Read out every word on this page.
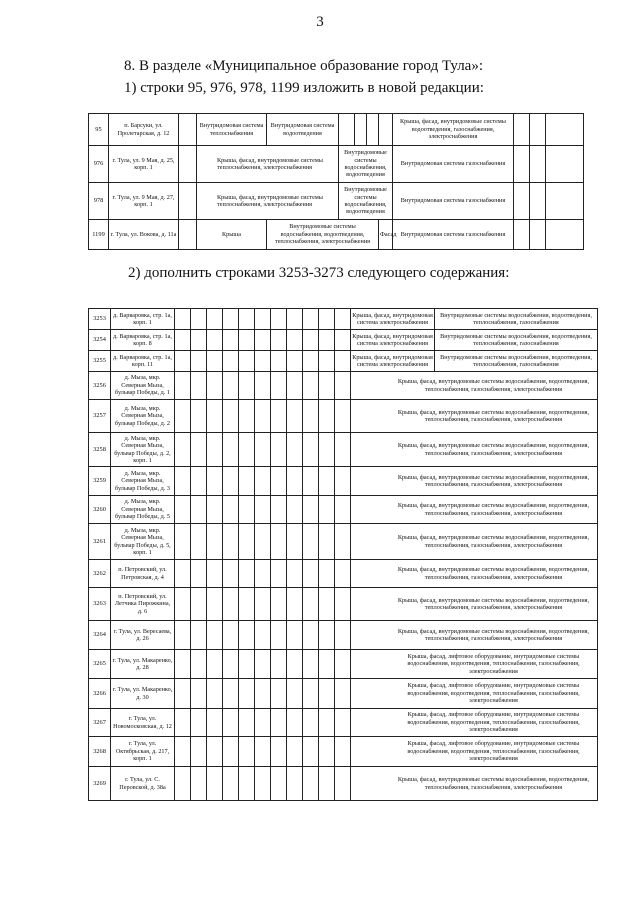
3
8. В разделе «Муниципальное образование город Тула»:
1) строки 95, 976, 978, 1199 изложить в новой редакции:
95	п. Барсуки, ул. Пролетарская, д. 12		Внутридомовая система теплоснабжения	Внутридомовая система водоотведения					Крыша, фасад, внутридомовые системы водоотведения, газоснабжения, электроснабжения			
976	г. Тула, ул. 9 Мая, д. 25, корп. 1		Крыша, фасад, внутридомовые системы теплоснабжения, электроснабжения		Внутридомовые системы водоснабжения, водоотведения				Внутридомовая система газоснабжения			
978	г. Тула, ул. 9 Мая, д. 27, корп. 1		Крыша, фасад, внутридомовые системы теплоснабжения, электроснабжения		Внутридомовые системы водоснабжения, водоотведения				Внутридомовая система газоснабжения			
1199	г. Тула, ул. Вокова, д. 11а		Крыша	Внутридомовые системы водоснабжения, водоотведения, теплоснабжения, электроснабжения				Фасад	Внутридомовая система газоснабжения			
2) дополнить строками 3253-3273 следующего содержания:
3253	д. Варваровка, стр. 1а, корп. 1												Крыша, фасад, внутридомовая система электроснабжения	Внутридомовые системы водоснабжения, водоотведения, теплоснабжения, газоснабжения
3254	д. Варваровка, стр. 1а, корп. 8												Крыша, фасад, внутридомовая система электроснабжения	Внутридомовые системы водоснабжения, водоотведения, теплоснабжения, газоснабжения
3255	д. Варваровка, стр. 1а, корп. 11												Крыша, фасад, внутридомовая система электроснабжения	Внутридомовые системы водоснабжения, водоотведения, теплоснабжения, газоснабжения
3256	д. Мыза, мкр. Северная Мыза, бульвар Победы, д. 1												Крыша, фасад, внутридомовые системы водоснабжения, водоотведения, теплоснабжения, газоснабжения, электроснабжения	
3257	д. Мыза, мкр. Северная Мыза, бульвар Победы, д. 2												Крыша, фасад, внутридомовые системы водоснабжения, водоотведения, теплоснабжения, газоснабжения, электроснабжения	
3258	д. Мыза, мкр. Северная Мыза, бульвар Победы, д. 2, корп. 1												Крыша, фасад, внутридомовые системы водоснабжения, водоотведения, теплоснабжения, газоснабжения, электроснабжения	
3259	д. Мыза, мкр. Северная Мыза, бульвар Победы, д. 3												Крыша, фасад, внутридомовые системы водоснабжения, водоотведения, теплоснабжения, газоснабжения, электроснабжения	
3260	д. Мыза, мкр. Северная Мыза, бульвар Победы, д. 5												Крыша, фасад, внутридомовые системы водоснабжения, водоотведения, теплоснабжения, газоснабжения, электроснабжения	
3261	д. Мыза, мкр. Северная Мыза, бульвар Победы, д. 5, корп. 1												Крыша, фасад, внутридомовые системы водоснабжения, водоотведения, теплоснабжения, газоснабжения, электроснабжения	
3262	п. Петровский, ул. Петровская, д. 4												Крыша, фасад, внутридомовые системы водоснабжения, водоотведения, теплоснабжения, газоснабжения, электроснабжения	
3263	п. Петровский, ул. Летчика Пирожкина, д. 6												Крыша, фасад, внутридомовые системы водоснабжения, водоотведения, теплоснабжения, газоснабжения, электроснабжения	
3264	г. Тула, ул. Вересаева, д. 26												Крыша, фасад, внутридомовые системы водоснабжения, водоотведения, теплоснабжения, газоснабжения, электроснабжения	
3265	г. Тула, ул. Макаренко, д. 28												Крыша, фасад, лифтовое оборудование, внутридомовые системы водоснабжения, водоотведения, теплоснабжения, газоснабжения, электроснабжения	
3266	г. Тула, ул. Макаренко, д. 30												Крыша, фасад, лифтовое оборудование, внутридомовые системы водоснабжения, водоотведения, теплоснабжения, газоснабжения, электроснабжения	
3267	г. Тула, ул. Новомосковская, д. 12												Крыша, фасад, лифтовое оборудование, внутридомовые системы водоснабжения, водоотведения, теплоснабжения, газоснабжения, электроснабжения	
3268	г. Тула, ул. Октябрьская, д. 217, корп. 1												Крыша, фасад, лифтовое оборудование, внутридомовые системы водоснабжения, водоотведения, теплоснабжения, газоснабжения, электроснабжения	
3269	г. Тула, ул. С. Перовской, д. 38а												Крыша, фасад, внутридомовые системы водоснабжения, водоотведения, теплоснабжения, газоснабжения, электроснабжения	
